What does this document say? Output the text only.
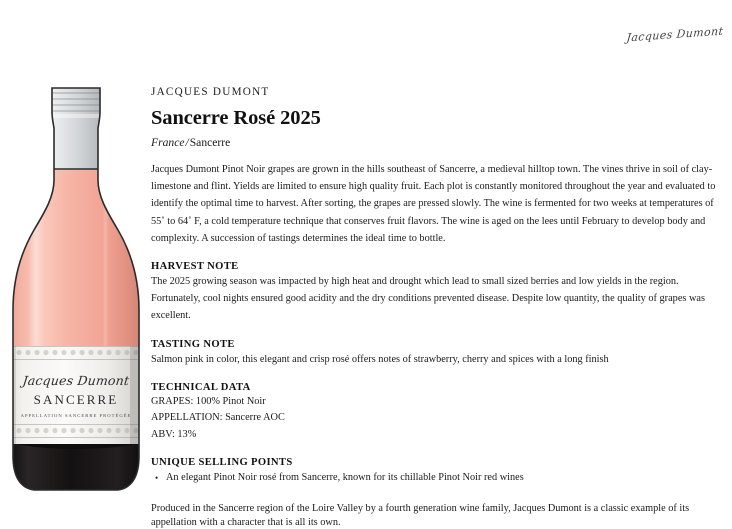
Jacques Dumont
Jacques Dumont
SANCERRE
APPELLATION SANCERRE PROTÉGÉE
JACQUES DUMONT
Sancerre Rosé 2025
France/Sancerre

Jacques Dumont Pinot Noir grapes are grown in the hills southeast of Sancerre, a medieval hilltop town. The vines thrive in soil of clay-limestone and flint. Yields are limited to ensure high quality fruit. Each plot is constantly monitored throughout the year and evaluated to identify the optimal time to harvest. After sorting, the grapes are pressed slowly. The wine is fermented for two weeks at temperatures of 55˚ to 64˚ F, a cold temperature technique that conserves fruit flavors. The wine is aged on the lees until February to develop body and complexity. A succession of tastings determines the ideal time to bottle.

HARVEST NOTE

The 2025 growing season was impacted by high heat and drought which lead to small sized berries and low yields in the region. Fortunately, cool nights ensured good acidity and the dry conditions prevented disease. Despite low quantity, the quality of grapes was excellent.

TASTING NOTE

Salmon pink in color, this elegant and crisp rosé offers notes of strawberry, cherry and spices with a long finish

TECHNICAL DATA

GRAPES: 100% Pinot Noir

APPELLATION: Sancerre AOC

ABV: 13%

UNIQUE SELLING POINTS
• An elegant Pinot Noir rosé from Sancerre, known for its chillable Pinot Noir red wines

Produced in the Sancerre region of the Loire Valley by a fourth generation wine family, Jacques Dumont is a classic example of its appellation with a character that is all its own.
